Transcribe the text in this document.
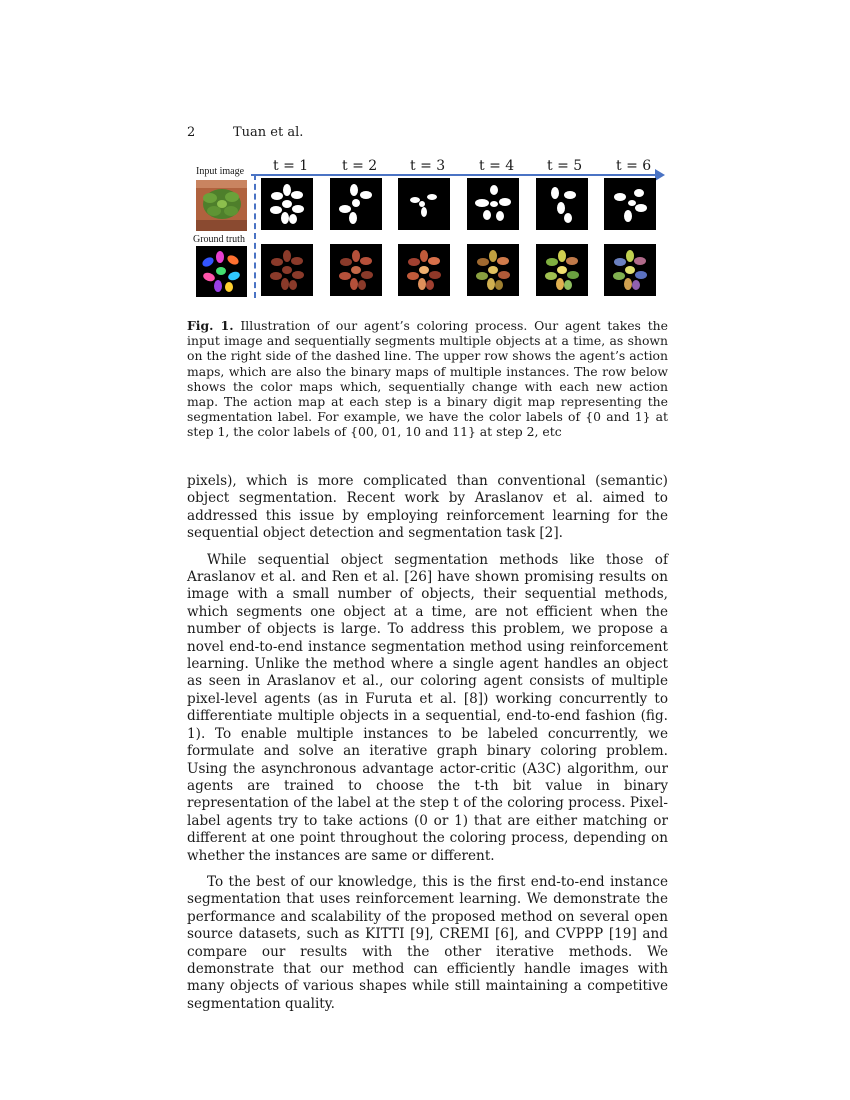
2	Tuan et al.
Input image
Ground truth
t = 1 t = 2 t = 3 t = 4 t = 5 t = 6
Fig. 1. Illustration of our agent’s coloring process. Our agent takes the input image and sequentially segments multiple objects at a time, as shown on the right side of the dashed line. The upper row shows the agent’s action maps, which are also the binary maps of multiple instances. The row below shows the color maps which, sequentially change with each new action map. The action map at each step is a binary digit map representing the segmentation label. For example, we have the color labels of {0 and 1} at step 1, the color labels of {00, 01, 10 and 11} at step 2, etc

pixels), which is more complicated than conventional (semantic) object segmentation. Recent work by Araslanov et al. aimed to addressed this issue by employing reinforcement learning for the sequential object detection and segmentation task [2].

While sequential object segmentation methods like those of Araslanov et al. and Ren et al. [26] have shown promising results on image with a small number of objects, their sequential methods, which segments one object at a time, are not efficient when the number of objects is large. To address this problem, we propose a novel end-to-end instance segmentation method using reinforcement learning. Unlike the method where a single agent handles an object as seen in Araslanov et al., our coloring agent consists of multiple pixel-level agents (as in Furuta et al. [8]) working concurrently to differentiate multiple objects in a sequential, end-to-end fashion (fig. 1). To enable multiple instances to be labeled concurrently, we formulate and solve an iterative graph binary coloring problem. Using the asynchronous advantage actor-critic (A3C) algorithm, our agents are trained to choose the t-th bit value in binary representation of the label at the step t of the coloring process. Pixel-label agents try to take actions (0 or 1) that are either matching or different at one point throughout the coloring process, depending on whether the instances are same or different.

To the best of our knowledge, this is the first end-to-end instance segmentation that uses reinforcement learning. We demonstrate the performance and scalability of the proposed method on several open source datasets, such as KITTI [9], CREMI [6], and CVPPP [19] and compare our results with the other iterative methods. We demonstrate that our method can efficiently handle images with many objects of various shapes while still maintaining a competitive segmentation quality.
